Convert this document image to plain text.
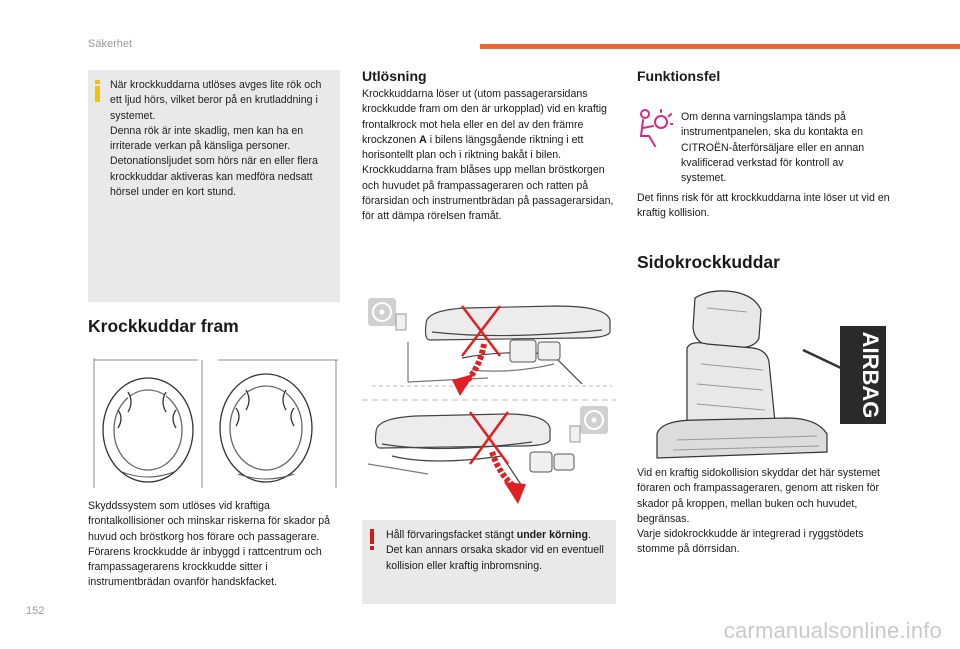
Säkerhet

När krockkuddarna utlöses avges lite rök och ett ljud hörs, vilket beror på en krutladdning i systemet.
Denna rök är inte skadlig, men kan ha en irriterade verkan på känsliga personer.
Detonationsljudet som hörs när en eller flera krockkuddar aktiveras kan medföra nedsatt hörsel under en kort stund.

Krockkuddar fram
Skyddssystem som utlöses vid kraftiga frontalkollisioner och minskar riskerna för skador på huvud och bröstkorg hos förare och passagerare.
Förarens krockkudde är inbyggd i rattcentrum och frampassagerarens krockkudde sitter i instrumentbrädan ovanför handskfacket.
Utlösning
Krockkuddarna löser ut (utom passagerarsidans krockkudde fram om den är urkopplad) vid en kraftig frontalkrock mot hela eller en del av den främre krockzonen A i bilens längsgående riktning i ett horisontellt plan och i riktning bakåt i bilen.
Krockkuddarna fram blåses upp mellan bröstkorgen och huvudet på frampassageraren och ratten på förarsidan och instrumentbrädan på passagerarsidan, för att dämpa rörelsen framåt.

Håll förvaringsfacket stängt under körning. Det kan annars orsaka skador vid en eventuell kollision eller kraftig inbromsning.

Funktionsfel
Om denna varningslampa tänds på instrumentpanelen, ska du kontakta en CITROËN-återförsäljare eller en annan kvalificerad verkstad för kontroll av systemet.
Det finns risk för att krockkuddarna inte löser ut vid en kraftig kollision.
Sidokrockkuddar
AIRBAG
Vid en kraftig sidokollision skyddar det här systemet föraren och frampassageraren, genom att risken för skador på kroppen, mellan buken och huvudet, begränsas.
Varje sidokrockkudde är integrerad i ryggstödets stomme på dörrsidan.
152
carmanualsonline.info
